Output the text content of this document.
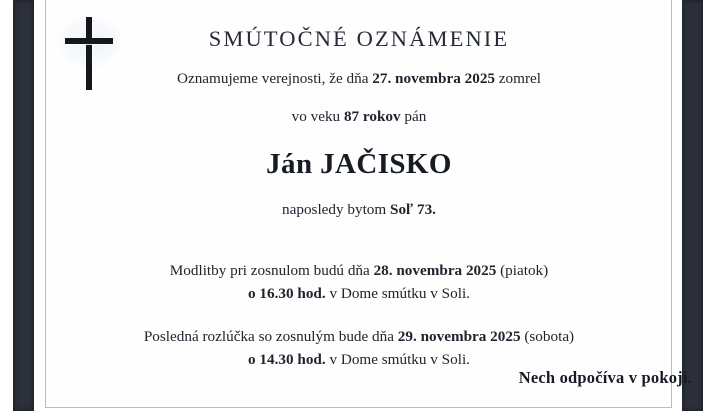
SMÚTOČNÉ OZNÁMENIE
Oznamujeme verejnosti, že dňa 27. novembra 2025 zomrel
vo veku 87 rokov pán
Ján JAČISKO
naposledy bytom Soľ 73.
Modlitby pri zosnulom budú dňa 28. novembra 2025 (piatok)
o 16.30 hod. v Dome smútku v Soli.
Posledná rozlúčka so zosnulým bude dňa 29. novembra 2025 (sobota)
o 14.30 hod. v Dome smútku v Soli.
Nech odpočíva v pokoji.
